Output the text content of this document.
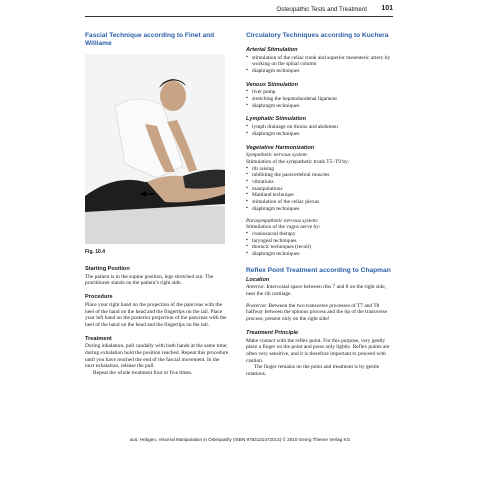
Osteopathic Tests and Treatment 101
Fascial Technique according to Finet and Williame
Fig. 10.4
Starting Position

The patient is in the supine position, legs stretched out. The practitioner stands on the patient’s right side.

Procedure

Place your right hand on the projection of the pancreas with the heel of the hand on the head and the fingertips on the tail. Place your left hand on the posterior projection of the pancreas with the heel of the hand on the head and the fingertips on the tail.

Treatment

During inhalation, pull caudally with both hands at the same time; during exhalation hold the position reached. Repeat this procedure until you have reached the end of the fascial movement. In the next exhalation, release the pull.

Repeat the whole treatment four or five times.

Circulatory Techniques according to Kuchera
Arterial Stimulation
▪ stimulation of the celiac trunk and superior mesenteric artery by working on the spinal column
▪ diaphragm techniques
Venous Stimulation
▪ liver pump
▪ stretching the hepatoduodenal ligament
▪ diaphragm techniques
Lymphatic Stimulation
▪ lymph drainage on thorax and abdomen
▪ diaphragm techniques
Vegetative Harmonization

Sympathetic nervous system:

Stimulation of the sympathetic trunk T5–T9 by:

▪ rib raising
▪ inhibiting the paravertebral muscles
▪ vibrations
▪ manipulations
▪ Maitland technique
▪ stimulation of the celiac plexus
▪ diaphragm techniques

Parasympathetic nervous system:

Stimulation of the vagus nerve by:

▪ craniosacral therapy
▪ laryngeal techniques
▪ thoracic techniques (recoil)
▪ diaphragm techniques
Reflex Point Treatment according to Chapman
Location

Anterior. Intercostal space between ribs 7 and 8 on the right side, near the rib cartilage.

Posterior. Between the two transverse processes of T7 and T8 halfway between the spinous process and the tip of the transverse process; present only on the right side!

Treatment Principle

Make contact with the reflex point. For this purpose, very gently place a finger on the point and press only lightly. Reflex points are often very sensitive, and it is therefore important to proceed with caution.

The finger remains on the point and treatment is by gentle rotations.

aus: Hebgen, Visceral Manipulation in Osteopathy (ISBN 9783131472014) © 2010 Georg Thieme Verlag KG
